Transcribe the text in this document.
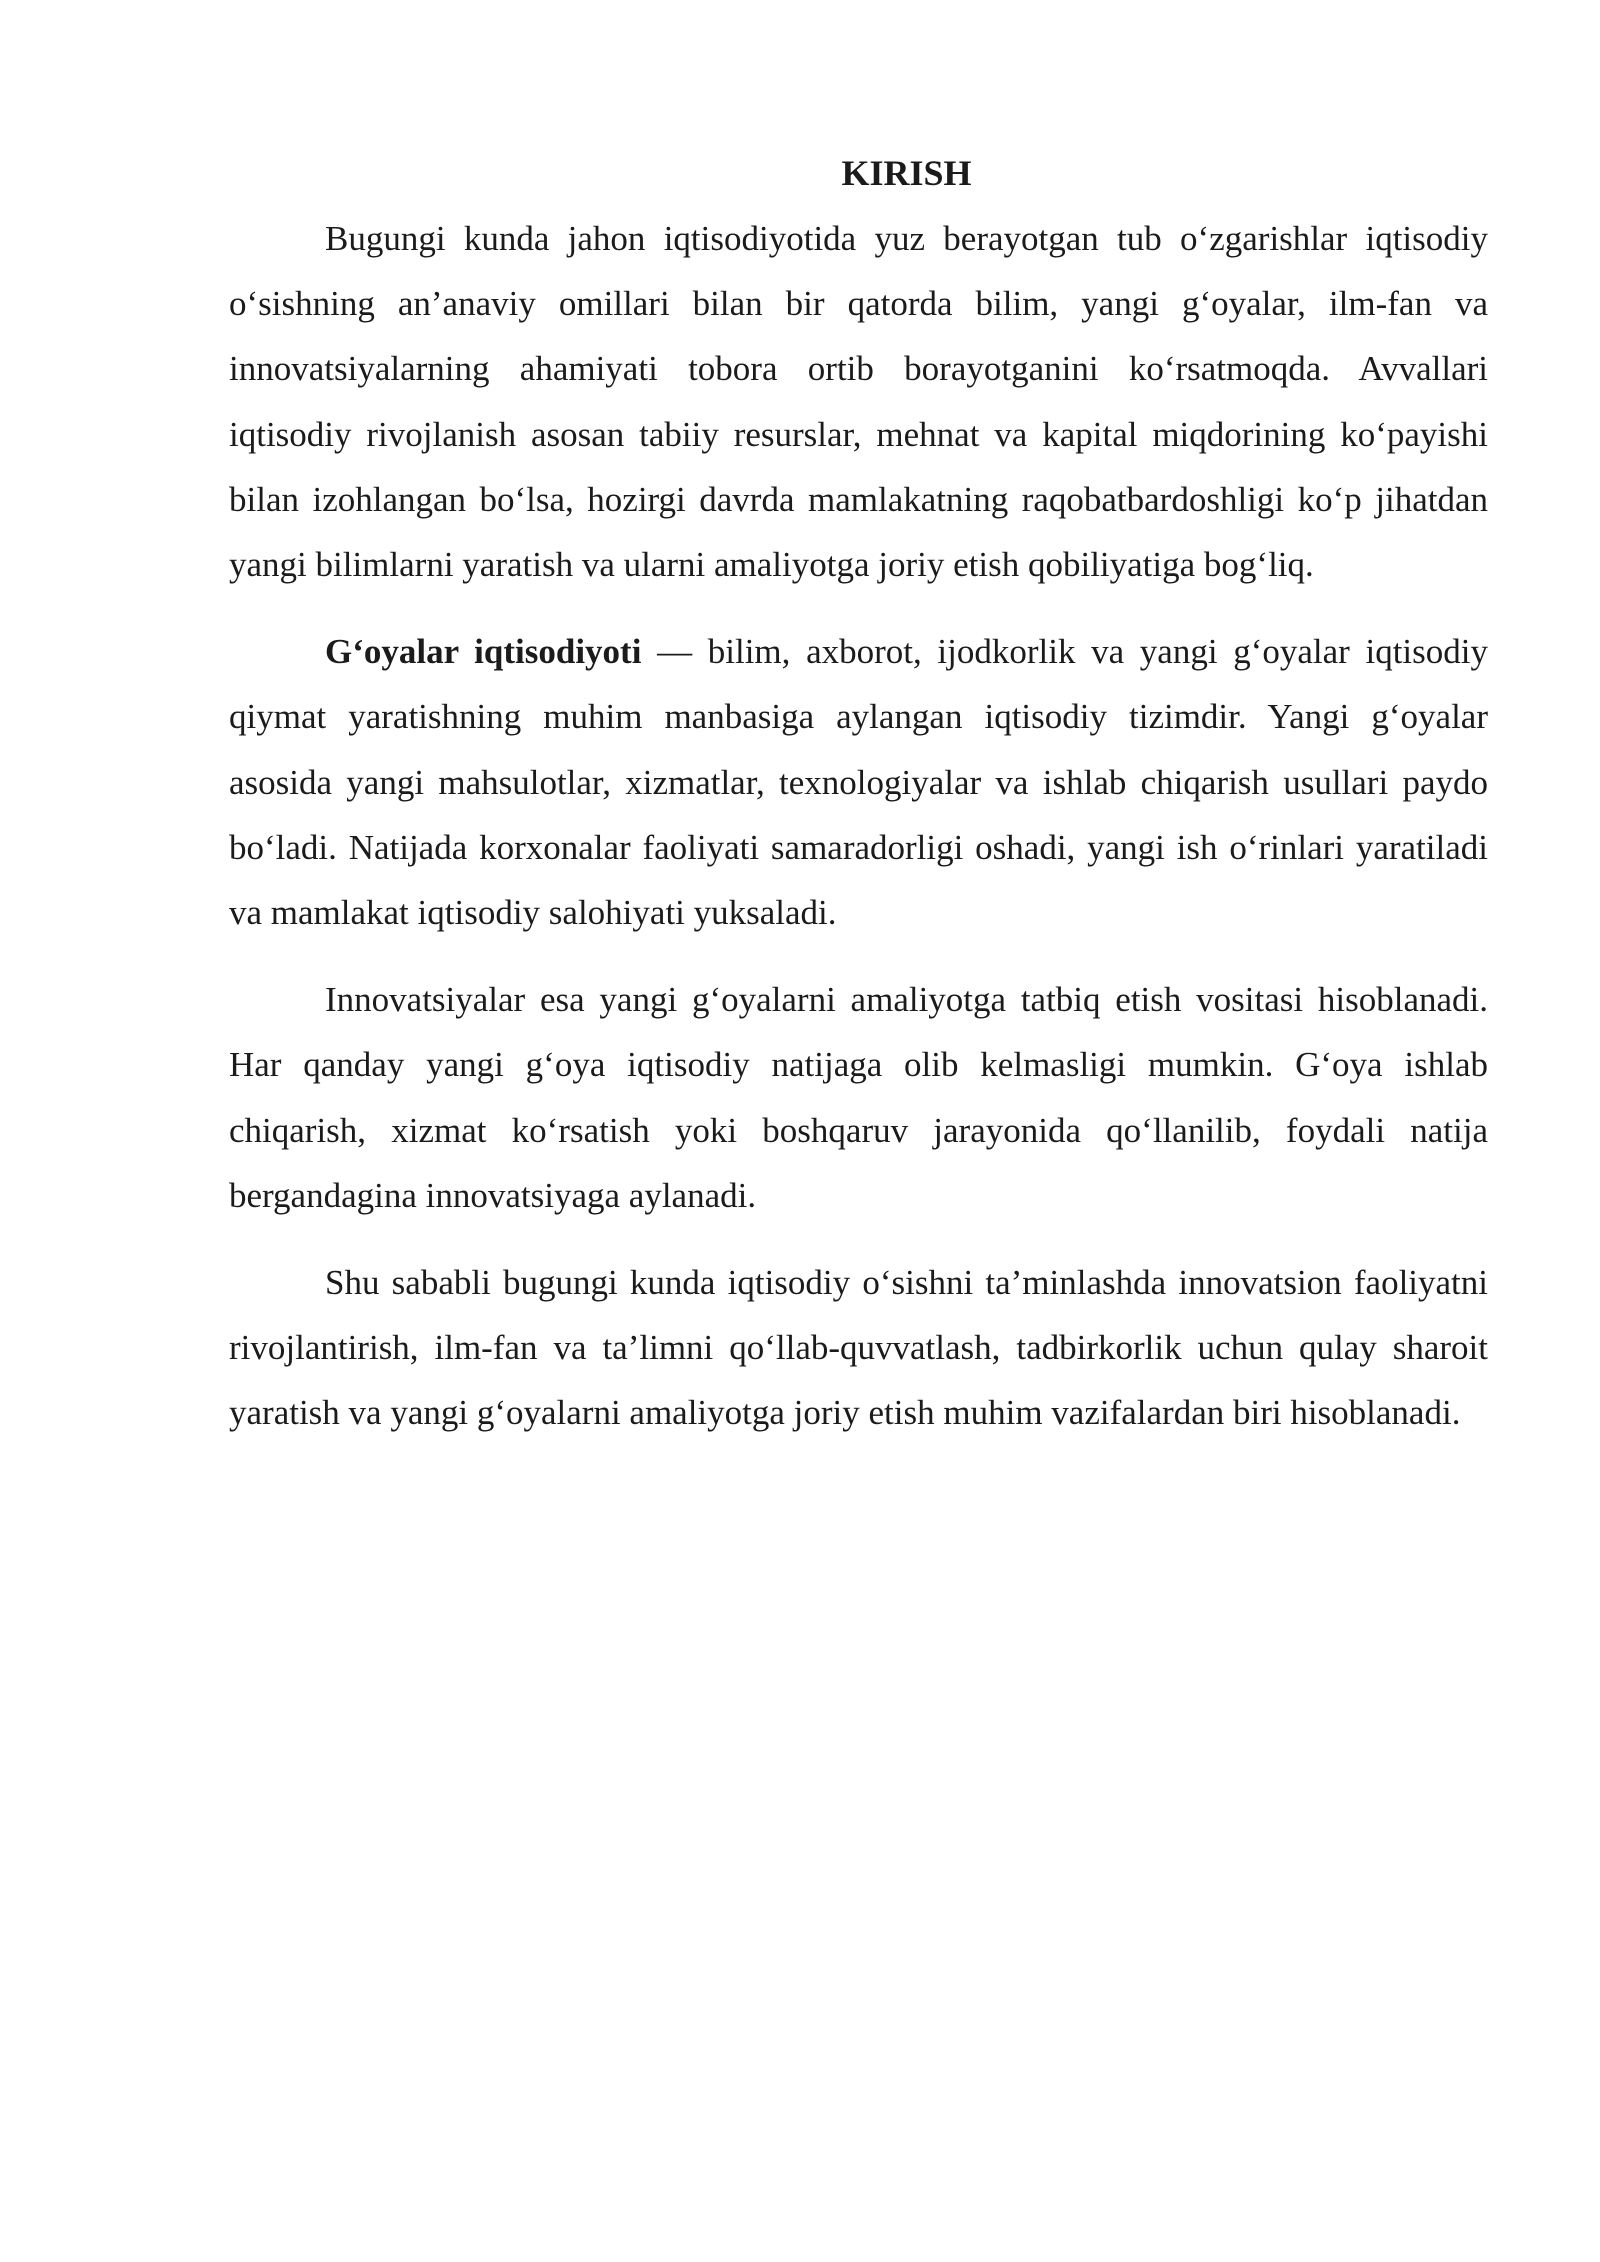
KIRISH

Bugungi kunda jahon iqtisodiyotida yuz berayotgan tub o‘zgarishlar iqtisodiy o‘sishning an’anaviy omillari bilan bir qatorda bilim, yangi g‘oyalar, ilm-fan va innovatsiyalarning ahamiyati tobora ortib borayotganini ko‘rsatmoqda. Avvallari iqtisodiy rivojlanish asosan tabiiy resurslar, mehnat va kapital miqdorining ko‘payishi bilan izohlangan bo‘lsa, hozirgi davrda mamlakatning raqobatbardoshligi ko‘p jihatdan yangi bilimlarni yaratish va ularni amaliyotga joriy etish qobiliyatiga bog‘liq.

G‘oyalar iqtisodiyoti — bilim, axborot, ijodkorlik va yangi g‘oyalar iqtisodiy qiymat yaratishning muhim manbasiga aylangan iqtisodiy tizimdir. Yangi g‘oyalar asosida yangi mahsulotlar, xizmatlar, texnologiyalar va ishlab chiqarish usullari paydo bo‘ladi. Natijada korxonalar faoliyati samaradorligi oshadi, yangi ish o‘rinlari yaratiladi va mamlakat iqtisodiy salohiyati yuksaladi.

Innovatsiyalar esa yangi g‘oyalarni amaliyotga tatbiq etish vositasi hisoblanadi. Har qanday yangi g‘oya iqtisodiy natijaga olib kelmasligi mumkin. G‘oya ishlab chiqarish, xizmat ko‘rsatish yoki boshqaruv jarayonida qo‘llanilib, foydali natija bergandagina innovatsiyaga aylanadi.

Shu sababli bugungi kunda iqtisodiy o‘sishni ta’minlashda innovatsion faoliyatni rivojlantirish, ilm-fan va ta’limni qo‘llab-quvvatlash, tadbirkorlik uchun qulay sharoit yaratish va yangi g‘oyalarni amaliyotga joriy etish muhim vazifalardan biri hisoblanadi.
